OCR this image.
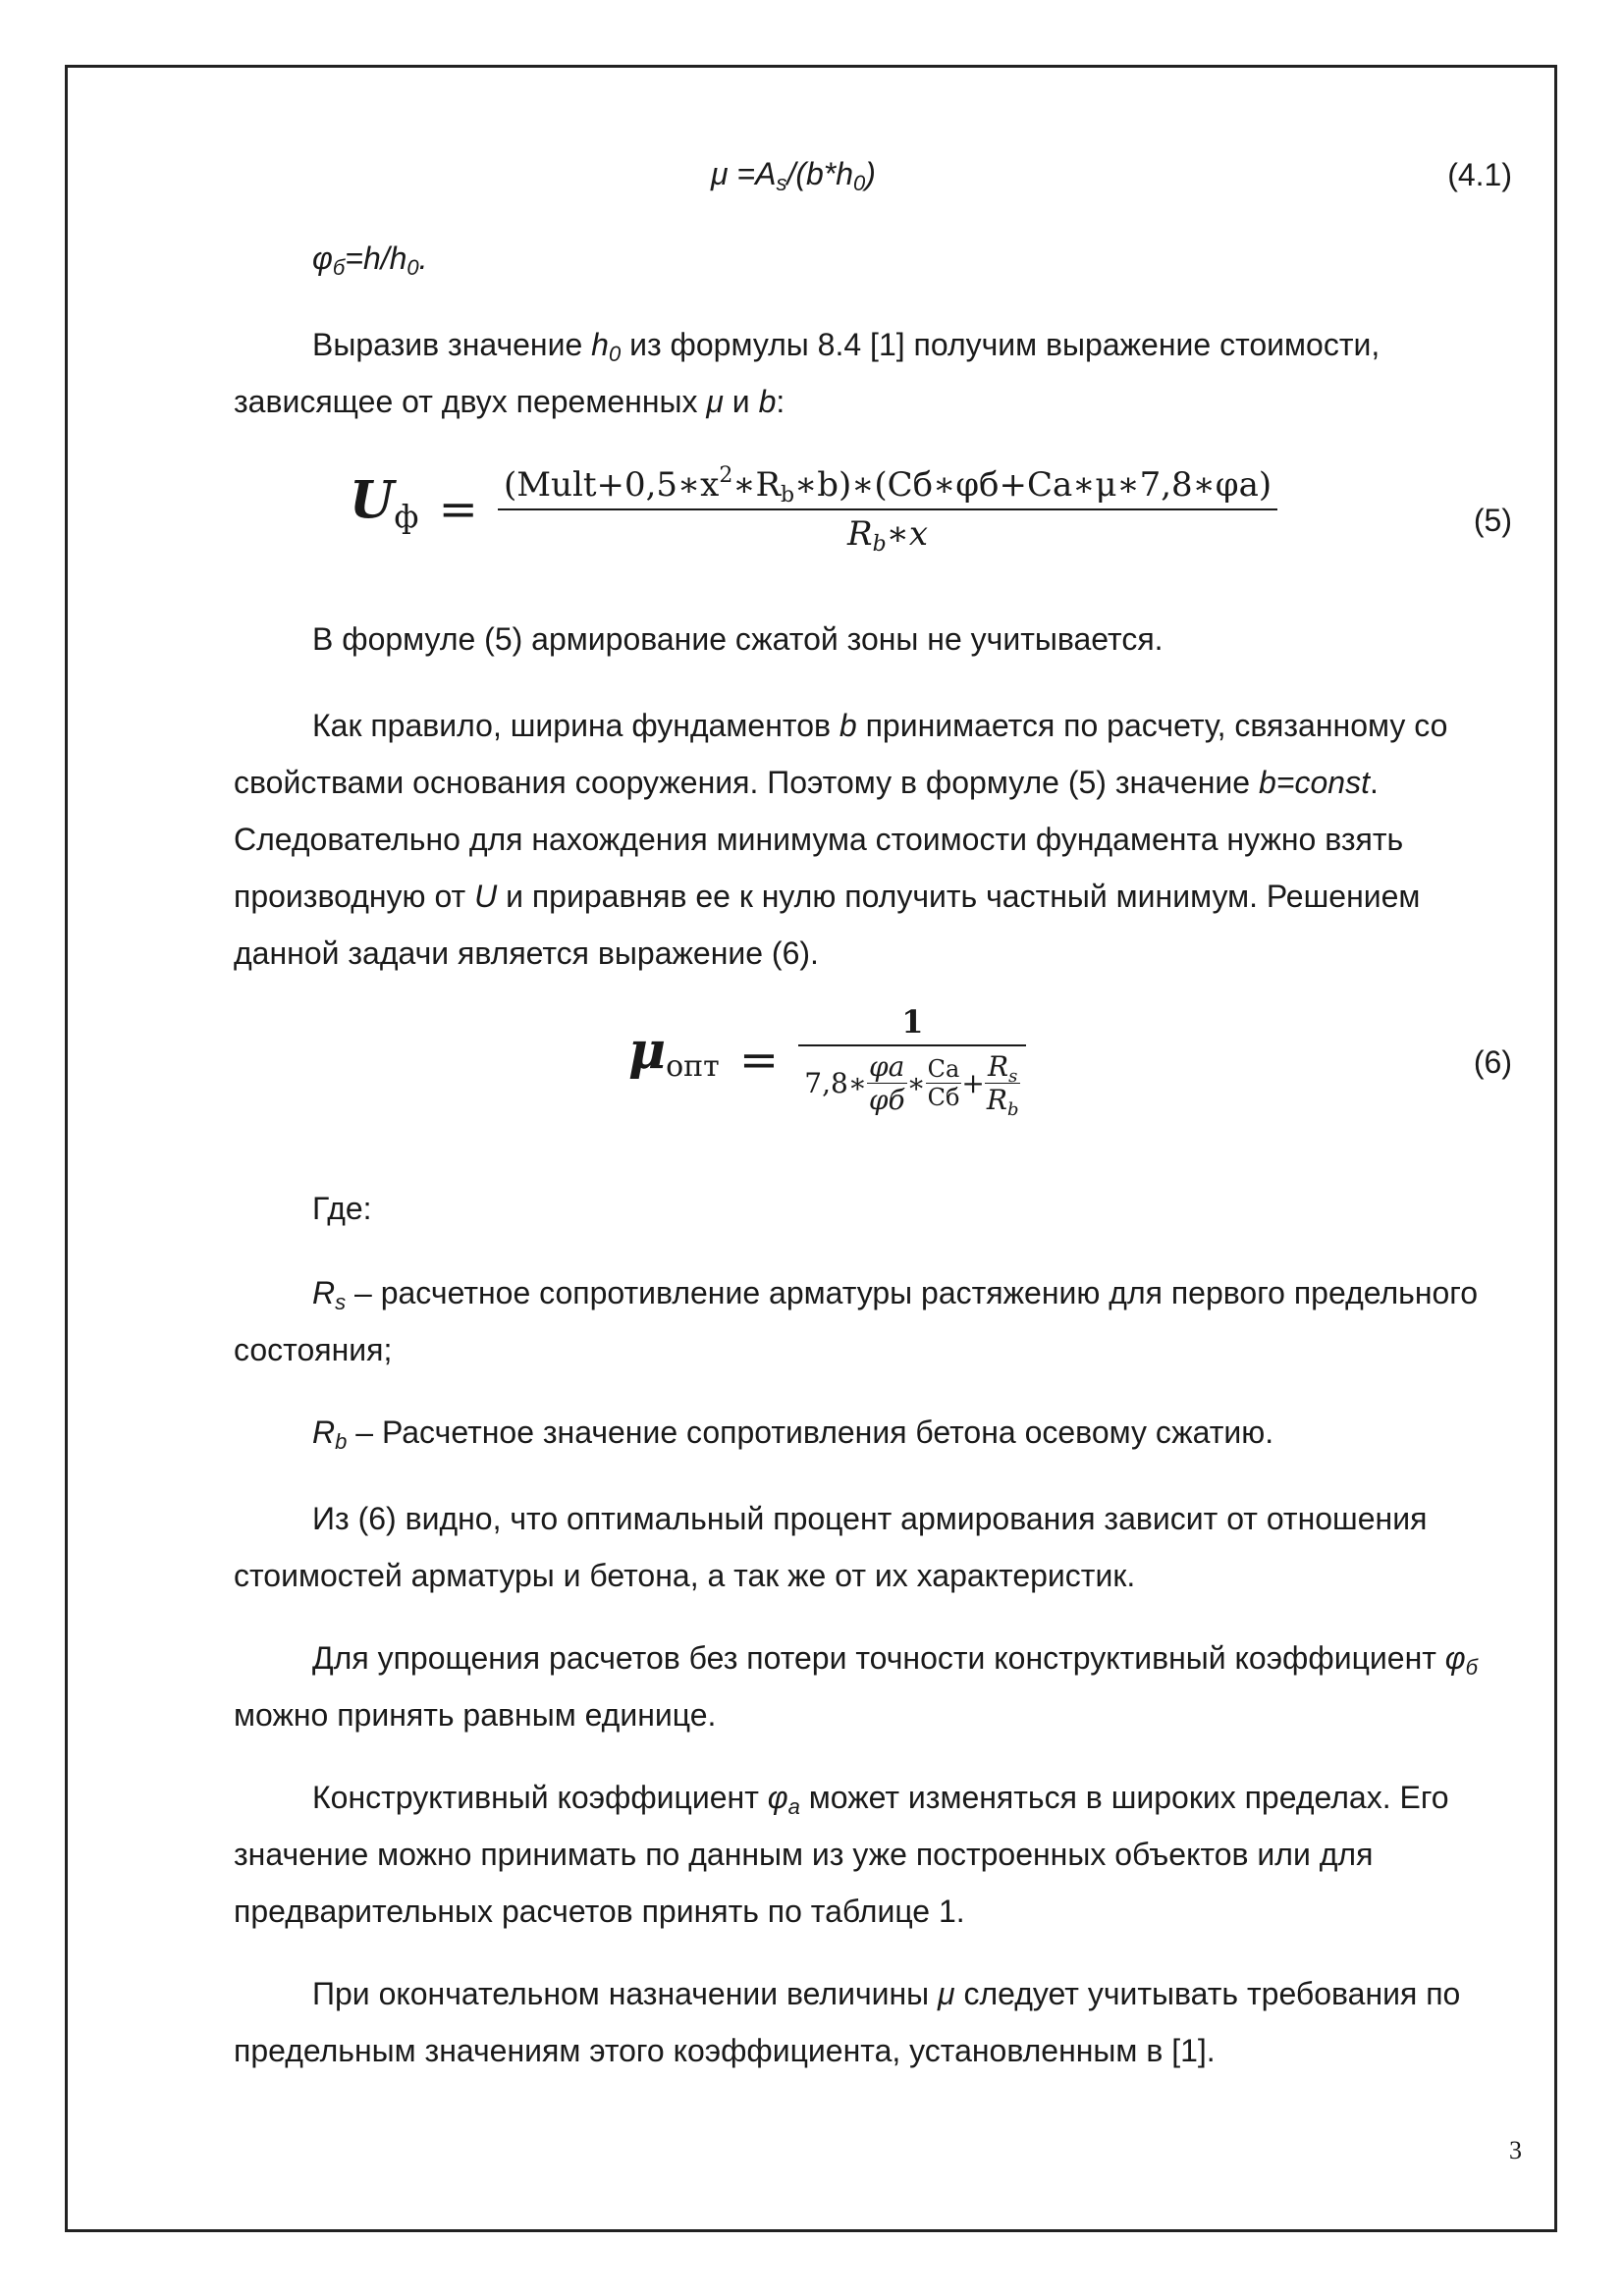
$\mu =A_s/(b*h_0)$	(4.1)
$\varphi_б=h/h_0$.
Выразив значение $h_0$ из формулы 8.4 [1] получим выражение стоимости, зависящее от двух переменных μ и b:
$U_ф = \frac{(Mult+0,5∗x^2∗R_b∗b)∗(Cб∗\varphi б+Ca∗\mu∗7,8∗\varphi a)}{R_b∗x}$	(5)
В формуле (5) армирование сжатой зоны не учитывается.
Как правило, ширина фундаментов b принимается по расчету, связанному со свойствами основания сооружения. Поэтому в формуле (5) значение b=const. Следовательно для нахождения минимума стоимости фундамента нужно взять производную от U и приравняв ее к нулю получить частный минимум. Решением данной задачи является выражение (6).
$\mu_{опт} = \frac{1}{7,8∗ \frac{\varphi a}{\varphi б} ∗ \frac{Ca}{Cб} + \frac{R_s}{R_b}}$	(6)
Где:
$R_s$ – расчетное сопротивление арматуры растяжению для первого предельного состояния;
$R_b$ – Расчетное значение сопротивления бетона осевому сжатию.
Из (6) видно, что оптимальный процент армирования зависит от отношения стоимостей арматуры и бетона, а так же от их характеристик.
Для упрощения расчетов без потери точности конструктивный коэффициент $\varphi_б$ можно принять равным единице.
Конструктивный коэффициент $\varphi_a$ может изменяться в широких пределах. Его значение можно принимать по данным из уже построенных объектов или для предварительных расчетов принять по таблице 1.
При окончательном назначении величины μ следует учитывать требования по предельным значениям этого коэффициента, установленным в [1].
3
